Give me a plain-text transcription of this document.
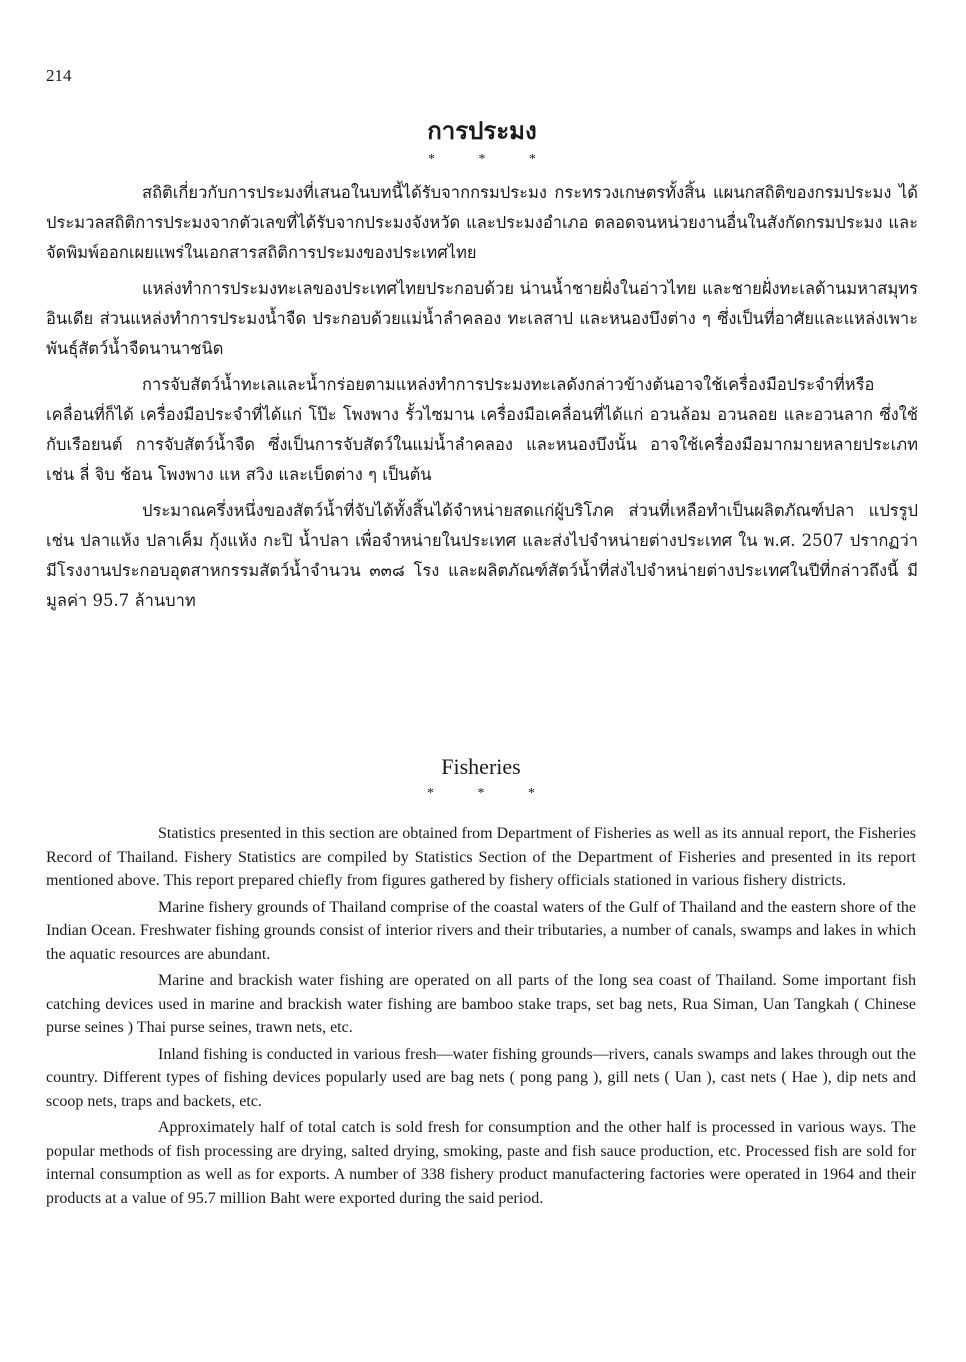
214
การประมง
* * *

สถิติเกี่ยวกับการประมงที่เสนอในบทนี้ได้รับจากกรมประมง กระทรวงเกษตรทั้งสิ้น แผนกสถิติของกรมประมง ได้ประมวลสถิติการประมงจากตัวเลขที่ได้รับจากประมงจังหวัด และประมงอำเภอ ตลอดจนหน่วยงานอื่นในสังกัดกรมประมง และจัดพิมพ์ออกเผยแพร่ในเอกสารสถิติการประมงของประเทศไทย

แหล่งทำการประมงทะเลของประเทศไทยประกอบด้วย น่านน้ำชายฝั่งในอ่าวไทย และชายฝั่งทะเลด้านมหาสมุทรอินเดีย ส่วนแหล่งทำการประมงน้ำจืด ประกอบด้วยแม่น้ำลำคลอง ทะเลสาป และหนองบึงต่าง ๆ ซึ่งเป็นที่อาศัยและแหล่งเพาะพันธุ์สัตว์น้ำจืดนานาชนิด

การจับสัตว์น้ำทะเลและน้ำกร่อยตามแหล่งทำการประมงทะเลดังกล่าวข้างต้นอาจใช้เครื่องมือประจำที่หรือเคลื่อนที่ก็ได้ เครื่องมือประจำที่ได้แก่ โป๊ะ โพงพาง รั้วไซมาน เครื่องมือเคลื่อนที่ได้แก่ อวนล้อม อวนลอย และอวนลาก ซึ่งใช้กับเรือยนต์ การจับสัตว์น้ำจืด ซึ่งเป็นการจับสัตว์ในแม่น้ำลำคลอง และหนองบึงนั้น อาจใช้เครื่องมือมากมายหลายประเภท เช่น ลี่ จิบ ช้อน โพงพาง แห สวิง และเบ็ดต่าง ๆ เป็นต้น

ประมาณครึ่งหนึ่งของสัตว์น้ำที่จับได้ทั้งสิ้นได้จำหน่ายสดแก่ผู้บริโภค ส่วนที่เหลือทำเป็นผลิตภัณฑ์ปลา แปรรูป เช่น ปลาแห้ง ปลาเค็ม กุ้งแห้ง กะปิ น้ำปลา เพื่อจำหน่ายในประเทศ และส่งไปจำหน่ายต่างประเทศ ใน พ.ศ. 2507 ปรากฏว่ามีโรงงานประกอบอุตสาหกรรมสัตว์น้ำจำนวน ๓๓๘ โรง และผลิตภัณฑ์สัตว์น้ำที่ส่งไปจำหน่ายต่างประเทศในปีที่กล่าวถึงนี้ มีมูลค่า 95.7 ล้านบาท

Fisheries
* * *

Statistics presented in this section are obtained from Department of Fisheries as well as its annual report, the Fisheries Record of Thailand. Fishery Statistics are compiled by Statistics Section of the Department of Fisheries and presented in its report mentioned above. This report prepared chiefly from figures gathered by fishery officials stationed in various fishery districts.

Marine fishery grounds of Thailand comprise of the coastal waters of the Gulf of Thailand and the eastern shore of the Indian Ocean. Freshwater fishing grounds consist of interior rivers and their tributaries, a number of canals, swamps and lakes in which the aquatic resources are abundant.

Marine and brackish water fishing are operated on all parts of the long sea coast of Thailand. Some important fish catching devices used in marine and brackish water fishing are bamboo stake traps, set bag nets, Rua Siman, Uan Tangkah ( Chinese purse seines ) Thai purse seines, trawn nets, etc.

Inland fishing is conducted in various fresh—water fishing grounds—rivers, canals swamps and lakes through out the country. Different types of fishing devices popularly used are bag nets ( pong pang ), gill nets ( Uan ), cast nets ( Hae ), dip nets and scoop nets, traps and backets, etc.

Approximately half of total catch is sold fresh for consumption and the other half is processed in various ways. The popular methods of fish processing are drying, salted drying, smoking, paste and fish sauce production, etc. Processed fish are sold for internal consumption as well as for exports. A number of 338 fishery product manufactering factories were operated in 1964 and their products at a value of 95.7 million Baht were exported during the said period.
